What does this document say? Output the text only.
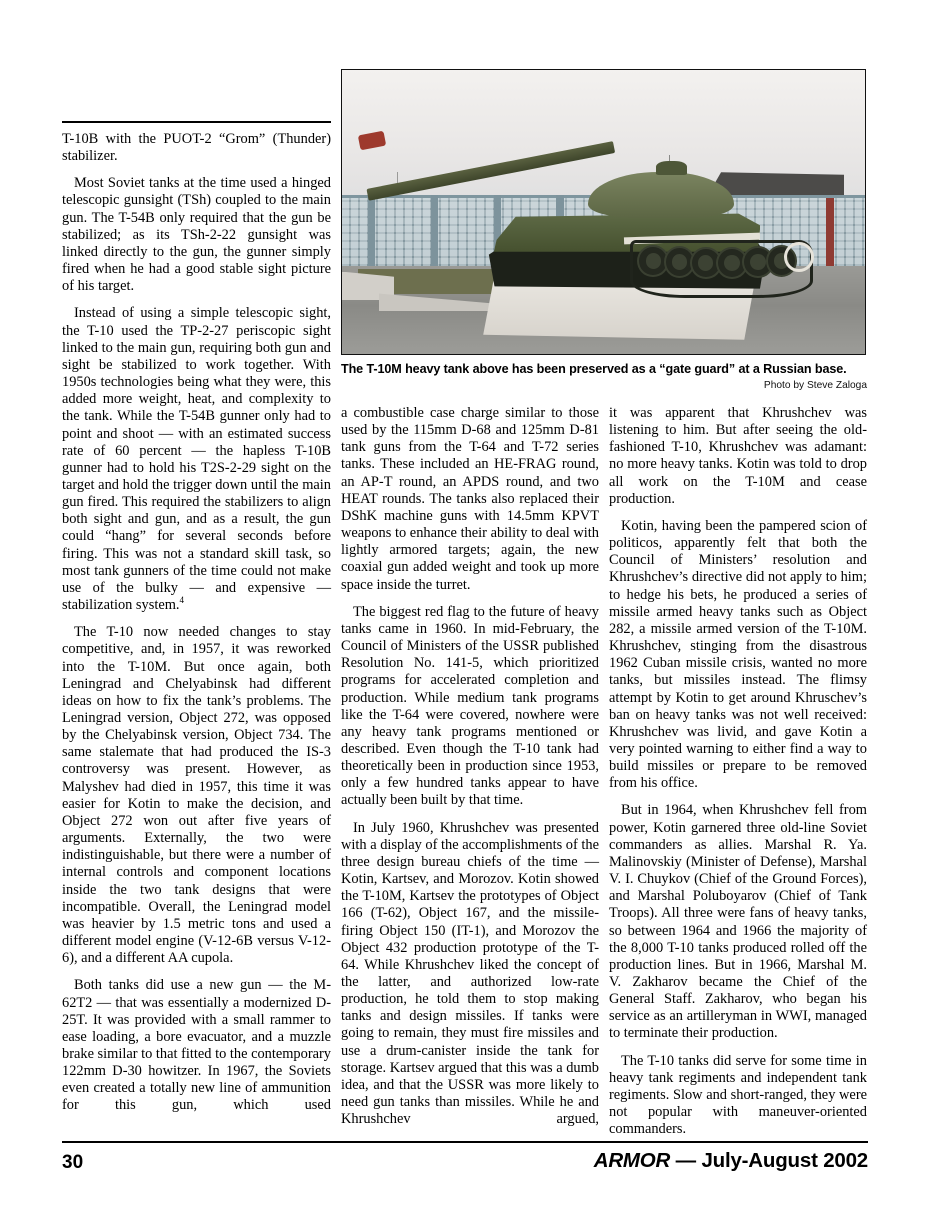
The T-10M heavy tank above has been preserved as a “gate guard” at a Russian base.
Photo by Steve Zaloga

T-10B with the PUOT-2 “Grom” (Thunder) stabilizer.

Most Soviet tanks at the time used a hinged telescopic gunsight (TSh) coupled to the main gun. The T-54B only required that the gun be stabilized; as its TSh-2-22 gunsight was linked directly to the gun, the gunner simply fired when he had a good stable sight picture of his target.

Instead of using a simple telescopic sight, the T-10 used the TP-2-27 periscopic sight linked to the main gun, requiring both gun and sight be stabilized to work together. With 1950s technologies being what they were, this added more weight, heat, and complexity to the tank. While the T-54B gunner only had to point and shoot — with an estimated success rate of 60 percent — the hapless T-10B gunner had to hold his T2S-2-29 sight on the target and hold the trigger down until the main gun fired. This required the stabilizers to align both sight and gun, and as a result, the gun could “hang” for several seconds before firing. This was not a standard skill task, so most tank gunners of the time could not make use of the bulky — and expensive — stabilization system.$^4$

The T-10 now needed changes to stay competitive, and, in 1957, it was reworked into the T-10M. But once again, both Leningrad and Chelyabinsk had different ideas on how to fix the tank’s problems. The Leningrad version, Object 272, was opposed by the Chelyabinsk version, Object 734. The same stalemate that had produced the IS-3 controversy was present. However, as Malyshev had died in 1957, this time it was easier for Kotin to make the decision, and Object 272 won out after five years of arguments. Externally, the two were indistinguishable, but there were a number of internal controls and component locations inside the two tank designs that were incompatible. Overall, the Leningrad model was heavier by 1.5 metric tons and used a different model engine (V-12-6B versus V-12-6), and a different AA cupola.

Both tanks did use a new gun — the M-62T2 — that was essentially a modernized D-25T. It was provided with a small rammer to ease loading, a bore evacuator, and a muzzle brake similar to that fitted to the contemporary 122mm D-30 howitzer. In 1967, the Soviets even created a totally new line of ammunition for this gun, which used

a combustible case charge similar to those used by the 115mm D-68 and 125mm D-81 tank guns from the T-64 and T-72 series tanks. These included an HE-FRAG round, an AP-T round, an APDS round, and two HEAT rounds. The tanks also replaced their DShK machine guns with 14.5mm KPVT weapons to enhance their ability to deal with lightly armored targets; again, the new coaxial gun added weight and took up more space inside the turret.

The biggest red flag to the future of heavy tanks came in 1960. In mid-February, the Council of Ministers of the USSR published Resolution No. 141-5, which prioritized programs for accelerated completion and production. While medium tank programs like the T-64 were covered, nowhere were any heavy tank programs mentioned or described. Even though the T-10 tank had theoretically been in production since 1953, only a few hundred tanks appear to have actually been built by that time.

In July 1960, Khrushchev was presented with a display of the accomplishments of the three design bureau chiefs of the time — Kotin, Kartsev, and Morozov. Kotin showed the T-10M, Kartsev the prototypes of Object 166 (T-62), Object 167, and the missile-firing Object 150 (IT-1), and Morozov the Object 432 production prototype of the T-64. While Khrushchev liked the concept of the latter, and authorized low-rate production, he told them to stop making tanks and design missiles. If tanks were going to remain, they must fire missiles and use a drum-canister inside the tank for storage. Kartsev argued that this was a dumb idea, and that the USSR was more likely to need gun tanks than missiles. While he and Khrushchev argued,

it was apparent that Khrushchev was listening to him. But after seeing the old-fashioned T-10, Khrushchev was adamant: no more heavy tanks. Kotin was told to drop all work on the T-10M and cease production.

Kotin, having been the pampered scion of politicos, apparently felt that both the Council of Ministers’ resolution and Khrushchev’s directive did not apply to him; to hedge his bets, he produced a series of missile armed heavy tanks such as Object 282, a missile armed version of the T-10M. Khrushchev, stinging from the disastrous 1962 Cuban missile crisis, wanted no more tanks, but missiles instead. The flimsy attempt by Kotin to get around Khruschev’s ban on heavy tanks was not well received: Khrushchev was livid, and gave Kotin a very pointed warning to either find a way to build missiles or prepare to be removed from his office.

But in 1964, when Khrushchev fell from power, Kotin garnered three old-line Soviet commanders as allies. Marshal R. Ya. Malinovskiy (Minister of Defense), Marshal V. I. Chuykov (Chief of the Ground Forces), and Marshal Poluboyarov (Chief of Tank Troops). All three were fans of heavy tanks, so between 1964 and 1966 the majority of the 8,000 T-10 tanks produced rolled off the production lines. But in 1966, Marshal M. V. Zakharov became the Chief of the General Staff. Zakharov, who began his service as an artilleryman in WWI, managed to terminate their production.

The T-10 tanks did serve for some time in heavy tank regiments and independent tank regiments. Slow and short-ranged, they were not popular with maneuver-oriented commanders.

30	ARMOR — July-August 2002
